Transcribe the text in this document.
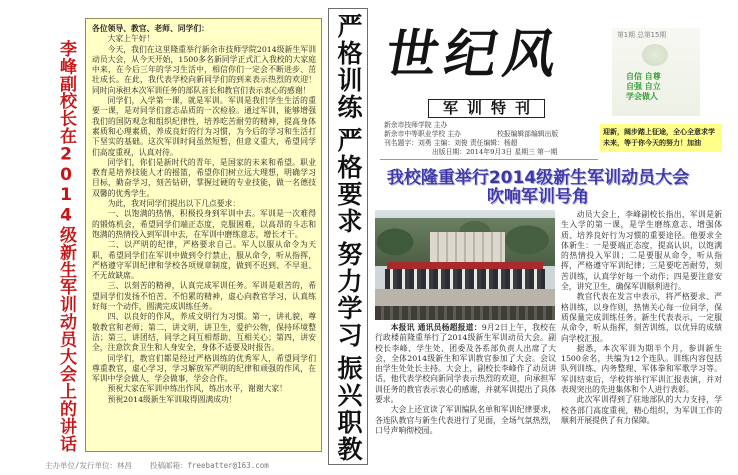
李峰副校长在2014级新生军训动员大会上的讲话

各位领导、教官、老师、同学们：

大家上午好！

今天，我们在这里隆重举行新余市技师学院2014级新生军训动员大会，从今天开始，1500多名新同学正式汇入我校的大家庭中来，在今后三年的学习生活中，相信你们一定会不断进步、茁壮成长。在此，我代表学校向新同学们的到来表示热烈的欢迎！同时向承担本次军训任务的部队首长和教官们表示衷心的感谢！

同学们，入学第一课，就是军训。军训是我们学生生活的重要一课，是对同学们意志品质的一次检验。通过军训，能够增强我们的国防观念和组织纪律性，培养吃苦耐劳的精神，提高身体素质和心理素质，养成良好的行为习惯，为今后的学习和生活打下坚实的基础。这次军训时间虽然短暂，但意义重大，希望同学们高度重视，认真对待。

同学们，你们是新时代的青年，是国家的未来和希望。职业教育是培养技能人才的摇篮，希望你们树立远大理想，明确学习目标，勤奋学习，刻苦钻研，掌握过硬的专业技能，做一名德技双馨的优秀学生。

为此，我对同学们提出以下几点要求：

一、以饱满的热情，积极投身到军训中去。军训是一次难得的锻炼机会，希望同学们端正态度，克服困难，以高昂的斗志和饱满的热情投入到军训中去，在军训中磨练意志，增长才干。

二、以严明的纪律，严格要求自己。军人以服从命令为天职，希望同学们在军训中做到令行禁止，服从命令，听从指挥，严格遵守军训纪律和学校各项规章制度，做到不迟到、不早退、不无故缺席。

三、以刻苦的精神，认真完成军训任务。军训是艰苦的，希望同学们发扬不怕苦、不怕累的精神，虚心向教官学习，认真练好每一个动作，圆满完成训练任务。

四、以良好的作风，养成文明行为习惯。第一，讲礼貌，尊敬教官和老师；第二，讲文明，讲卫生，爱护公物，保持环境整洁；第三，讲团结，同学之间互相帮助、互相关心；第四，讲安全，注意饮食卫生和人身安全，身体不适要及时报告。

同学们，教官们都是经过严格训练的优秀军人，希望同学们尊重教官，虚心学习，学习解放军严明的纪律和顽强的作风，在军训中学会做人，学会做事，学会合作。

预祝大家在军训中练出作风，练出水平，谢谢大家！

预祝2014级新生军训取得圆满成功！

严格训练
严格要求
努力学习
振兴职教
世纪风	第1期 总第15期
自信 自尊
自强 自立
学会做人
迎新，阔步踏上征途，全心全意求学
未来，等于你今天的努力！加油
军训特刊
新余市技师学院 主办
新余市中等职业学校 主办	校报编辑部编辑出版
刊名题字：刘勇 主编：刘俊 责任编辑：杨超
出版日期：2014年9月3日 星期三 第一期
我校隆重举行2014级新生军训动员大会
吹响军训号角

本报讯 通讯员杨超报道：9月2日上午，我校在行政楼前隆重举行了2014级新生军训动员大会。副校长李峰、学生处、团委及各系部负责人出席了大会，全体2014级新生和军训教官参加了大会。会议由学生处处长主持。大会上，副校长李峰作了动员讲话，他代表学校向新同学表示热烈的欢迎，向承担军训任务的教官表示衷心的感谢，并就军训提出了具体要求。

大会上还宣读了军训编队名单和军训纪律要求，各连队教官与新生代表进行了见面，全场气氛热烈，口号声响彻校园。

动员大会上，李峰副校长指出，军训是新生入学的第一课，是学生磨练意志、增强体质、培养良好行为习惯的重要途径。他要求全体新生：一是要端正态度，提高认识，以饱满的热情投入军训；二是要服从命令，听从指挥，严格遵守军训纪律；三是要吃苦耐劳，刻苦训练，认真学好每一个动作；四是要注意安全，讲究卫生，确保军训顺利进行。

教官代表在发言中表示，将严格要求、严格训练，以身作则，热情关心每一位同学，保质保量完成训练任务。新生代表表示，一定服从命令，听从指挥，刻苦训练，以优异的成绩向学校汇报。

据悉，本次军训为期半个月，参训新生1500余名，共编为12个连队。训练内容包括队列训练、内务整理、军体拳和军歌学习等。军训结束后，学校将举行军训汇报表演，并对表现突出的先进集体和个人进行表彰。

此次军训得到了驻地部队的大力支持，学校各部门高度重视，精心组织，为军训工作的顺利开展提供了有力保障。

主办单位/发行单位：林昌 投稿邮箱：freebatter@163.com
